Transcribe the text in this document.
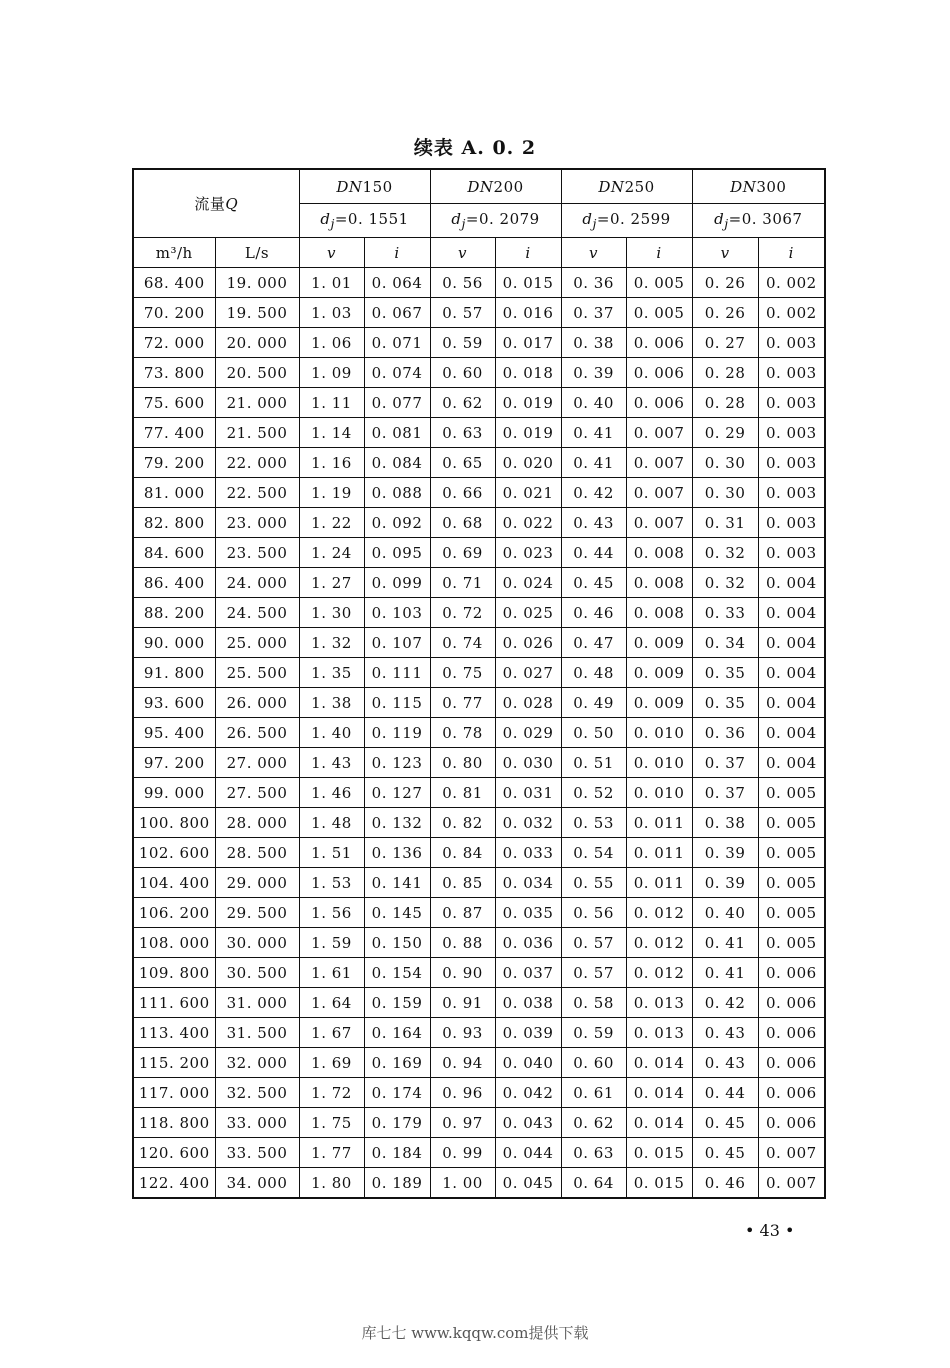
续表 A. 0. 2
流量Q		DN150		DN200		DN250		DN300	
		$d_j=0$. 1551		$d_j=0$. 2079		$d_j=0$. 2599		$d_j=0$. 3067	
m³/h	L/s	v	i	v	i	v	i	v	i
68. 400	19. 000	1. 01	0. 064	0. 56	0. 015	0. 36	0. 005	0. 26	0. 002
70. 200	19. 500	1. 03	0. 067	0. 57	0. 016	0. 37	0. 005	0. 26	0. 002
72. 000	20. 000	1. 06	0. 071	0. 59	0. 017	0. 38	0. 006	0. 27	0. 003
73. 800	20. 500	1. 09	0. 074	0. 60	0. 018	0. 39	0. 006	0. 28	0. 003
75. 600	21. 000	1. 11	0. 077	0. 62	0. 019	0. 40	0. 006	0. 28	0. 003
77. 400	21. 500	1. 14	0. 081	0. 63	0. 019	0. 41	0. 007	0. 29	0. 003
79. 200	22. 000	1. 16	0. 084	0. 65	0. 020	0. 41	0. 007	0. 30	0. 003
81. 000	22. 500	1. 19	0. 088	0. 66	0. 021	0. 42	0. 007	0. 30	0. 003
82. 800	23. 000	1. 22	0. 092	0. 68	0. 022	0. 43	0. 007	0. 31	0. 003
84. 600	23. 500	1. 24	0. 095	0. 69	0. 023	0. 44	0. 008	0. 32	0. 003
86. 400	24. 000	1. 27	0. 099	0. 71	0. 024	0. 45	0. 008	0. 32	0. 004
88. 200	24. 500	1. 30	0. 103	0. 72	0. 025	0. 46	0. 008	0. 33	0. 004
90. 000	25. 000	1. 32	0. 107	0. 74	0. 026	0. 47	0. 009	0. 34	0. 004
91. 800	25. 500	1. 35	0. 111	0. 75	0. 027	0. 48	0. 009	0. 35	0. 004
93. 600	26. 000	1. 38	0. 115	0. 77	0. 028	0. 49	0. 009	0. 35	0. 004
95. 400	26. 500	1. 40	0. 119	0. 78	0. 029	0. 50	0. 010	0. 36	0. 004
97. 200	27. 000	1. 43	0. 123	0. 80	0. 030	0. 51	0. 010	0. 37	0. 004
99. 000	27. 500	1. 46	0. 127	0. 81	0. 031	0. 52	0. 010	0. 37	0. 005
100. 800	28. 000	1. 48	0. 132	0. 82	0. 032	0. 53	0. 011	0. 38	0. 005
102. 600	28. 500	1. 51	0. 136	0. 84	0. 033	0. 54	0. 011	0. 39	0. 005
104. 400	29. 000	1. 53	0. 141	0. 85	0. 034	0. 55	0. 011	0. 39	0. 005
106. 200	29. 500	1. 56	0. 145	0. 87	0. 035	0. 56	0. 012	0. 40	0. 005
108. 000	30. 000	1. 59	0. 150	0. 88	0. 036	0. 57	0. 012	0. 41	0. 005
109. 800	30. 500	1. 61	0. 154	0. 90	0. 037	0. 57	0. 012	0. 41	0. 006
111. 600	31. 000	1. 64	0. 159	0. 91	0. 038	0. 58	0. 013	0. 42	0. 006
113. 400	31. 500	1. 67	0. 164	0. 93	0. 039	0. 59	0. 013	0. 43	0. 006
115. 200	32. 000	1. 69	0. 169	0. 94	0. 040	0. 60	0. 014	0. 43	0. 006
117. 000	32. 500	1. 72	0. 174	0. 96	0. 042	0. 61	0. 014	0. 44	0. 006
118. 800	33. 000	1. 75	0. 179	0. 97	0. 043	0. 62	0. 014	0. 45	0. 006
120. 600	33. 500	1. 77	0. 184	0. 99	0. 044	0. 63	0. 015	0. 45	0. 007
122. 400	34. 000	1. 80	0. 189	1. 00	0. 045	0. 64	0. 015	0. 46	0. 007
• 43 •
库七七 www.kqqw.com提供下载
